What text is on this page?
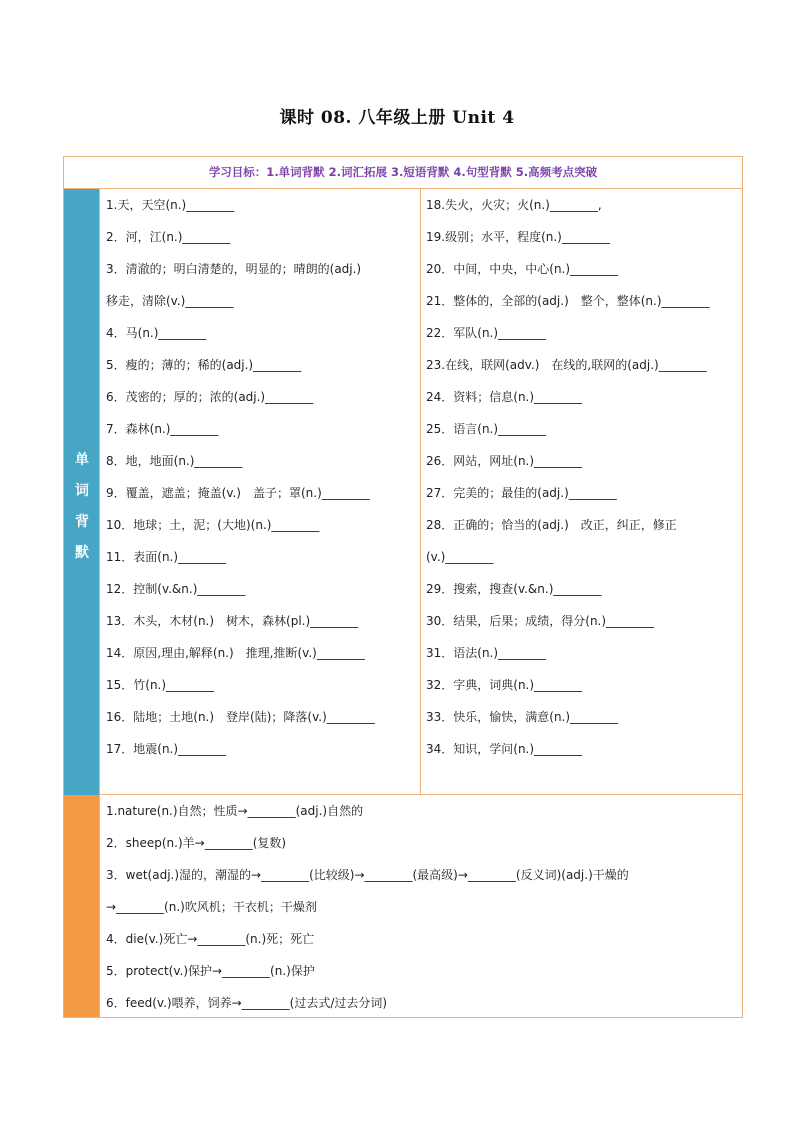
课时 08. 八年级上册 Unit 4
学习目标：1.单词背默 2.词汇拓展 3.短语背默 4.句型背默 5.高频考点突破
单
词
背
默
1.天，天空(n.)________
2．河，江(n.)________
3．清澈的；明白清楚的，明显的；晴朗的(adj.)
移走，清除(v.)________
4．马(n.)________
5．瘦的；薄的；稀的(adj.)________
6．茂密的；厚的；浓的(adj.)________
7．森林(n.)________
8．地，地面(n.)________
9．覆盖，遮盖；掩盖(v.)　盖子；罩(n.)________
10．地球；土，泥；(大地)(n.)________
11．表面(n.)________
12．控制(v.&n.)________
13．木头，木材(n.)　树木，森林(pl.)________
14．原因,理由,解释(n.)　推理,推断(v.)________
15．竹(n.)________
16．陆地；土地(n.)　登岸(陆)；降落(v.)________
17．地震(n.)________
18.失火，火灾；火(n.)________,
19.级别；水平，程度(n.)________
20．中间，中央，中心(n.)________
21．整体的，全部的(adj.)　整个，整体(n.)________
22．军队(n.)________
23.在线，联网(adv.)　在线的,联网的(adj.)________
24．资料；信息(n.)________
25．语言(n.)________
26．网站，网址(n.)________
27．完美的；最佳的(adj.)________
28．正确的；恰当的(adj.)　改正，纠正，修正
(v.)________
29．搜索，搜查(v.&n.)________
30．结果，后果；成绩，得分(n.)________
31．语法(n.)________
32．字典，词典(n.)________
33．快乐，愉快，满意(n.)________
34．知识，学问(n.)________
1.nature(n.)自然；性质→________(adj.)自然的
2．sheep(n.)羊→________(复数)
3．wet(adj.)湿的，潮湿的→________(比较级)→________(最高级)→________(反义词)(adj.)干燥的
→________(n.)吹风机；干衣机；干燥剂
4．die(v.)死亡→________(n.)死；死亡
5．protect(v.)保护→________(n.)保护
6．feed(v.)喂养，饲养→________(过去式/过去分词)
